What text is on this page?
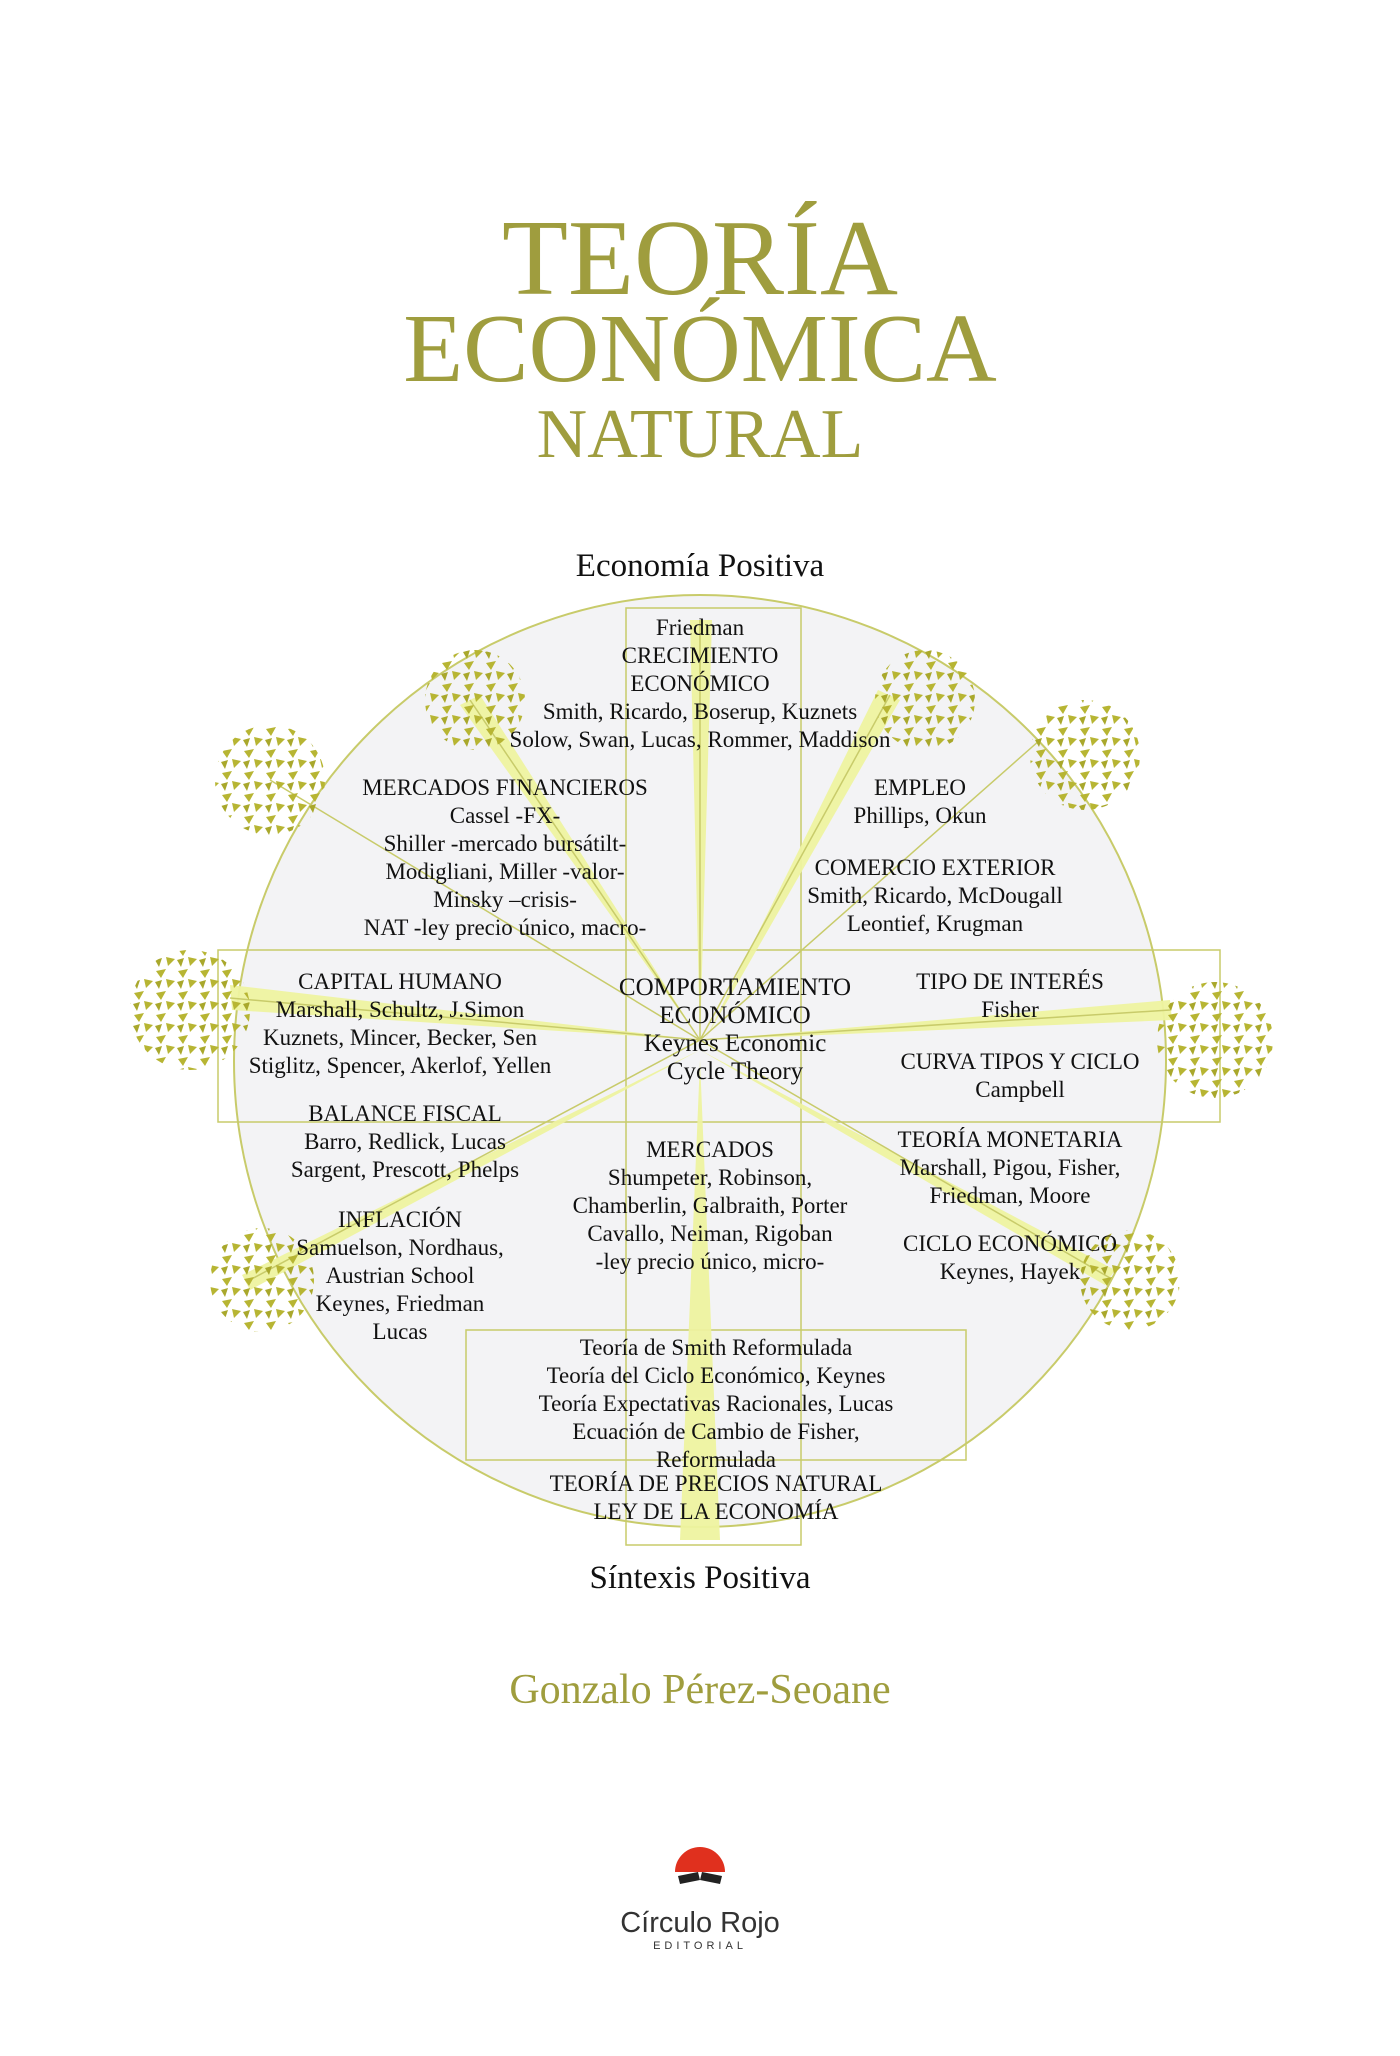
TEORÍA
ECONÓMICA
NATURAL
Economía Positiva
Friedman
CRECIMIENTO
ECONÓMICO
Smith, Ricardo, Boserup, Kuznets
Solow, Swan, Lucas, Rommer, Maddison
MERCADOS FINANCIEROS
Cassel -FX-
Shiller -mercado bursátilt-
Modigliani, Miller -valor-
Minsky –crisis-
NAT -ley precio único, macro-
EMPLEO
Phillips, Okun
COMERCIO EXTERIOR
Smith, Ricardo, McDougall
Leontief, Krugman
CAPITAL HUMANO
Marshall, Schultz, J.Simon
Kuznets, Mincer, Becker, Sen
Stiglitz, Spencer, Akerlof, Yellen
COMPORTAMIENTO
ECONÓMICO
Keynes Economic
Cycle Theory
TIPO DE INTERÉS
Fisher
CURVA TIPOS Y CICLO
Campbell
BALANCE FISCAL
Barro, Redlick, Lucas
Sargent, Prescott, Phelps
MERCADOS
Shumpeter, Robinson,
Chamberlin, Galbraith, Porter
Cavallo, Neiman, Rigoban
-ley precio único, micro-
TEORÍA MONETARIA
Marshall, Pigou, Fisher,
Friedman, Moore
INFLACIÓN
Samuelson, Nordhaus,
Austrian School
Keynes, Friedman
Lucas
CICLO ECONÓMICO
Keynes, Hayek
Teoría de Smith Reformulada
Teoría del Ciclo Económico, Keynes
Teoría Expectativas Racionales, Lucas
Ecuación de Cambio de Fisher,
Reformulada
TEORÍA DE PRECIOS NATURAL
LEY DE LA ECONOMÍA
Síntexis Positiva
Gonzalo Pérez-Seoane
Círculo Rojo
EDITORIAL
